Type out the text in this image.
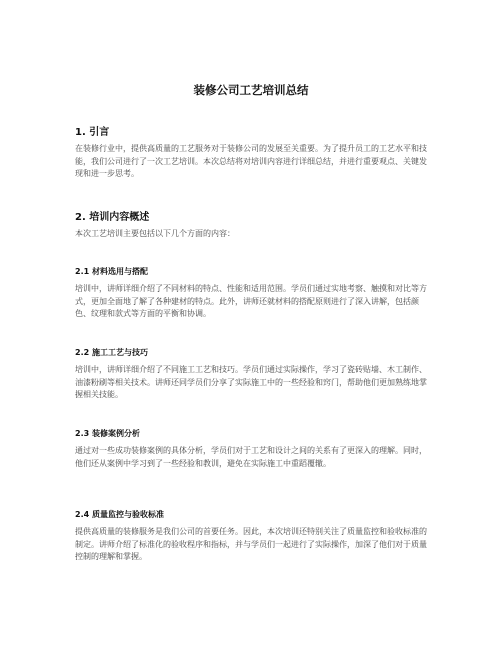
装修公司工艺培训总结
1. 引言

在装修行业中，提供高质量的工艺服务对于装修公司的发展至关重要。为了提升员工的工艺水平和技能，我们公司进行了一次工艺培训。本次总结将对培训内容进行详细总结，并进行重要观点、关键发现和进一步思考。

2. 培训内容概述

本次工艺培训主要包括以下几个方面的内容：

2.1 材料选用与搭配

培训中，讲师详细介绍了不同材料的特点、性能和适用范围。学员们通过实地考察、触摸和对比等方式，更加全面地了解了各种建材的特点。此外，讲师还就材料的搭配原则进行了深入讲解，包括颜色、纹理和款式等方面的平衡和协调。

2.2 施工工艺与技巧

培训中，讲师详细介绍了不同施工工艺和技巧。学员们通过实际操作，学习了瓷砖贴墙、木工制作、油漆粉刷等相关技术。讲师还同学员们分享了实际施工中的一些经验和窍门，帮助他们更加熟练地掌握相关技能。

2.3 装修案例分析

通过对一些成功装修案例的具体分析，学员们对于工艺和设计之间的关系有了更深入的理解。同时，他们还从案例中学习到了一些经验和教训，避免在实际施工中重蹈覆辙。

2.4 质量监控与验收标准

提供高质量的装修服务是我们公司的首要任务。因此，本次培训还特别关注了质量监控和验收标准的制定。讲师介绍了标准化的验收程序和指标，并与学员们一起进行了实际操作，加深了他们对于质量控制的理解和掌握。
